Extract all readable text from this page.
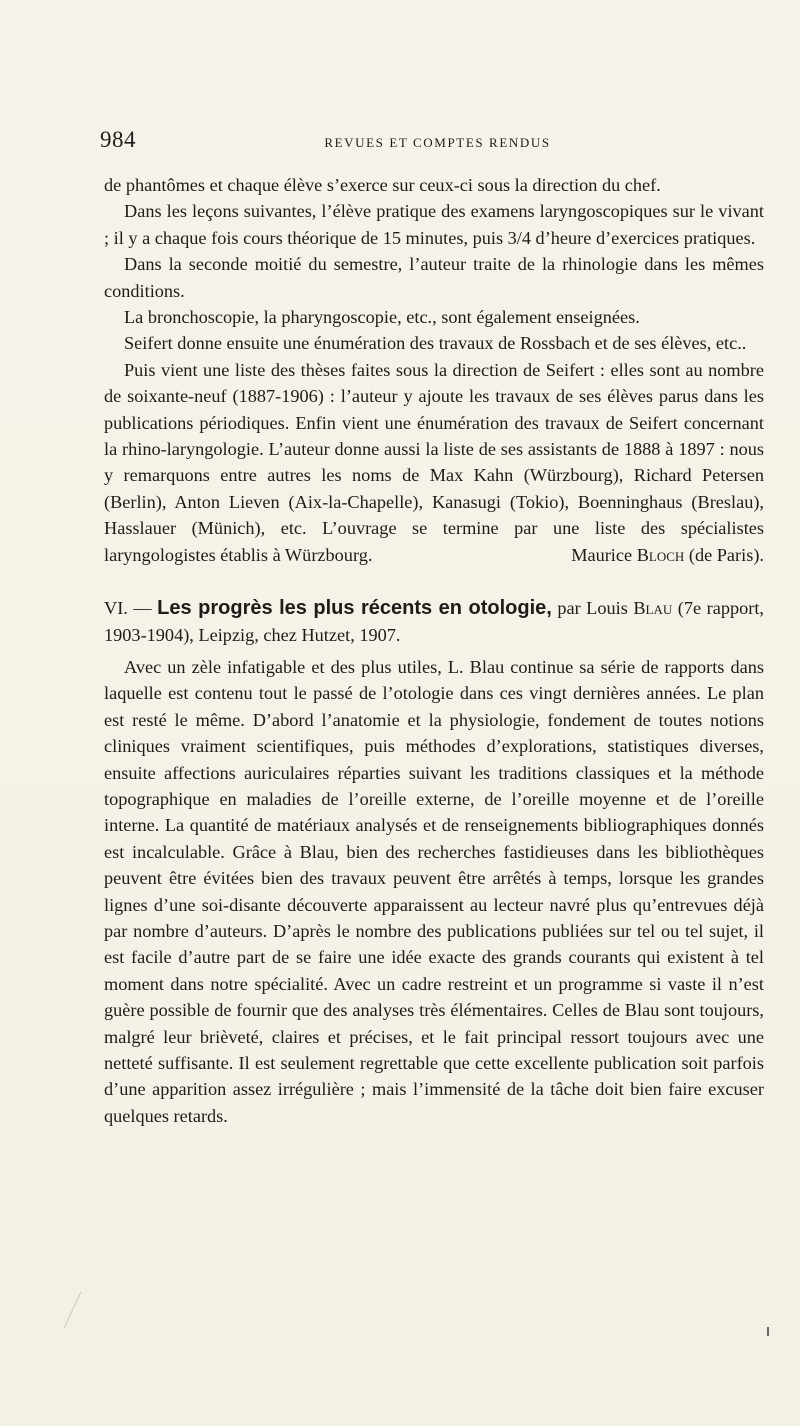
984	REVUES ET COMPTES RENDUS

de phantômes et chaque élève s’exerce sur ceux-ci sous la direction du chef.

Dans les leçons suivantes, l’élève pratique des examens laryngoscopiques sur le vivant ; il y a chaque fois cours théorique de 15 minutes, puis 3/4 d’heure d’exercices pratiques.

Dans la seconde moitié du semestre, l’auteur traite de la rhinologie dans les mêmes conditions.

La bronchoscopie, la pharyngoscopie, etc., sont également enseignées.

Seifert donne ensuite une énumération des travaux de Rossbach et de ses élèves, etc..

Puis vient une liste des thèses faites sous la direction de Seifert : elles sont au nombre de soixante-neuf (1887-1906) : l’auteur y ajoute les travaux de ses élèves parus dans les publications périodiques. Enfin vient une énumération des travaux de Seifert concernant la rhino-laryngologie. L’auteur donne aussi la liste de ses assistants de 1888 à 1897 : nous y remarquons entre autres les noms de Max Kahn (Würzbourg), Richard Petersen (Berlin), Anton Lieven (Aix-la-Chapelle), Kanasugi (Tokio), Boenninghaus (Breslau), Hasslauer (Münich), etc. L’ouvrage se termine par une liste des spécialistes laryngologistes établis à Würzbourg.	Maurice Bloch (de Paris).

VI. — Les progrès les plus récents en otologie, par Louis Blau (7e rapport, 1903-1904), Leipzig, chez Hutzet, 1907.

Avec un zèle infatigable et des plus utiles, L. Blau continue sa série de rapports dans laquelle est contenu tout le passé de l’otologie dans ces vingt dernières années. Le plan est resté le même. D’abord l’anatomie et la physiologie, fondement de toutes notions cliniques vraiment scientifiques, puis méthodes d’explorations, statistiques diverses, ensuite affections auriculaires réparties suivant les traditions classiques et la méthode topographique en maladies de l’oreille externe, de l’oreille moyenne et de l’oreille interne. La quantité de matériaux analysés et de renseignements bibliographiques donnés est incalculable. Grâce à Blau, bien des recherches fastidieuses dans les bibliothèques peuvent être évitées bien des travaux peuvent être arrêtés à temps, lorsque les grandes lignes d’une soi-disante découverte apparaissent au lecteur navré plus qu’entrevues déjà par nombre d’auteurs. D’après le nombre des publications publiées sur tel ou tel sujet, il est facile d’autre part de se faire une idée exacte des grands courants qui existent à tel moment dans notre spécialité. Avec un cadre restreint et un programme si vaste il n’est guère possible de fournir que des analyses très élémentaires. Celles de Blau sont toujours, malgré leur brièveté, claires et précises, et le fait principal ressort toujours avec une netteté suffisante. Il est seulement regrettable que cette excellente publication soit parfois d’une apparition assez irrégulière ; mais l’immensité de la tâche doit bien faire excuser quelques retards.
